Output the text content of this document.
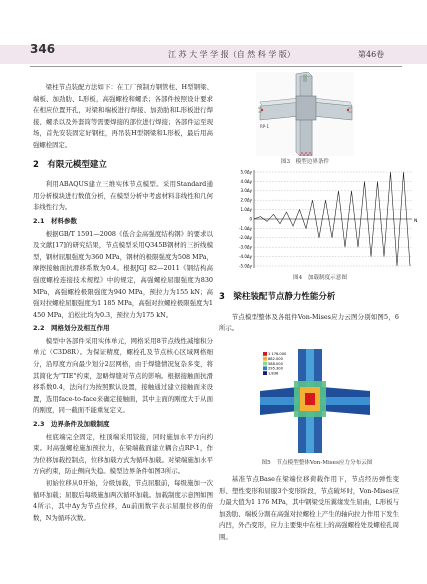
346	江 苏 大 学 学 报（自 然 科 学 版）	第46卷

梁柱节点装配方法如下：在工厂预制方钢管柱、H型钢梁、端板、加劲肋、L形板，高强螺栓和螺杀；各部件按照设计要求在相应位置开孔，对梁和端板进行焊接、加劲肋和L形板进行焊接、螺杀以及外套筒等需要焊接的部位进行焊接；各部件运至现场，首先安装固定好钢柱，再吊装H型钢梁和L形板，最后用高强螺栓固定。

2　有限元模型建立

利用ABAQUS建立三维实体节点模型。采用Standard通用分析模块进行数值分析，在模型分析中考虑材料非线性和几何非线性行为。

2.1　材料参数

根据GB/T 1591—2008《低合金高强度结构钢》的要求以及文献[17]的研究结果，节点模型采用Q345B钢材的三折线模型，钢材屈服强度为360 MPa，钢材的极限强度为508 MPa，摩擦接触面抗滑移系数为0.4。根据JGJ 82—2011《钢结构高强度螺栓连接技术规程》中的规定，高强螺栓屈服强度为830 MPa，高强螺栓极限强度为940 MPa，预拉力为155 kN；高强对拉螺栓屈服强度为1 185 MPa，高强对拉螺栓极限强度为1 450 MPa，泊松比均为0.3，预拉力为175 kN。

2.2　网格划分及相互作用

模型中各部件采用实体单元，网格采用8节点线性减缩积分单元（C3D8R）。为保证精度，螺栓孔及节点核心区域网格细分，沿厚度方向最少划分2层网格，由于焊缝情况复杂多变，将其简化为"TIE"约束，忽略焊缝对节点的影响。根据接触面抗滑移系数0.4，法向行为按照默认设置，接触通过建立接触面来设置，选用face-to-face来确定接触面，其中主面的刚度大于从面的刚度，同一截面不能重复定义。

2.3　边界条件及加载制度

柱底端完全固定，柱顶端采用铰接，同时施加水平方向约束。对高强螺栓施加预拉力，在梁端截面建立耦合点RP-1，作为位移加载控制点，位移加载方式为循环加载。对梁端施加水平方向约束，防止侧向失稳。模型边界条件如图3所示。

初始位移从0开始，分级加载，节点屈服前，每级施加一次循环加载；屈服后每级施加两次循环加载。加载制度示意图如图4所示，其中Δy为节点位移，Δu前面数字表示屈服位移的倍数，N为循环次数。

RP-1
图3　模型边界条件
5.0Δy
4.0Δy
3.0Δy
2.0Δy
1.0Δy
0
-1.0Δy
-2.0Δy
-3.0Δy
-4.0Δy
-5.0Δy
N
图4　加载制度示意图
3　梁柱装配节点静力性能分析

节点模型整体及各组件Von-Mises应力云图分别如图5，6所示。

1 176.000
882.000
588.000
295.300
1.836
图5　节点模型整体Von-Mises应力分布云图

基准节点Base在梁端位移荷载作用下，节点经历弹性变形、塑性变形和屈服3个变形阶段，节点破坏时，Von-Mises应力最大值为1 176 MPa，其中钢梁受压翼缘发生屈曲，L形板与加劲肋、端板分割在高强对拉螺栓上产生的轴向拉力作用下发生内凹，外凸变形，应力主要集中在柱上的高强螺栓处及螺栓孔周围。
